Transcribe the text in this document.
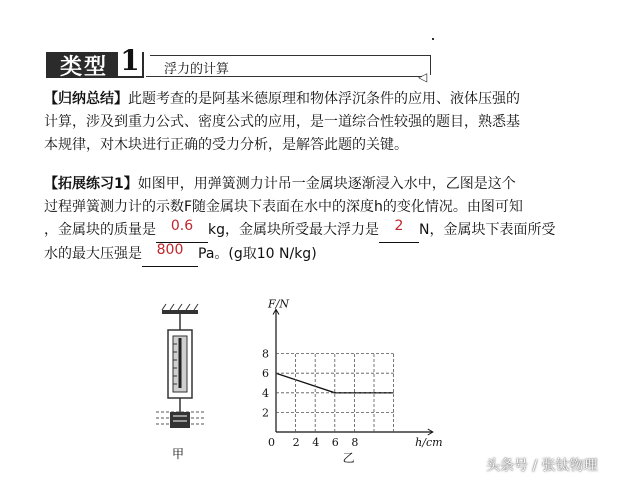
◁
类型 1 浮力的计算
【归纳总结】此题考查的是阿基米德原理和物体浮沉条件的应用、液体压强的
计算，涉及到重力公式、密度公式的应用，是一道综合性较强的题目，熟悉基
本规律，对木块进行正确的受力分析，是解答此题的关键。
【拓展练习1】如图甲，用弹簧测力计吊一金属块逐渐浸入水中，乙图是这个
过程弹簧测力计的示数F随金属块下表面在水中的深度h的变化情况。由图可知
，金属块的质量是 0.6 kg，金属块所受最大浮力是 2 N，金属块下表面所受
水的最大压强是 800 Pa。(g取10 N/kg)
甲
F/N
h/cm
乙
0 2 4 6 8
2
4
6
8
头条号 / 张钛物理
